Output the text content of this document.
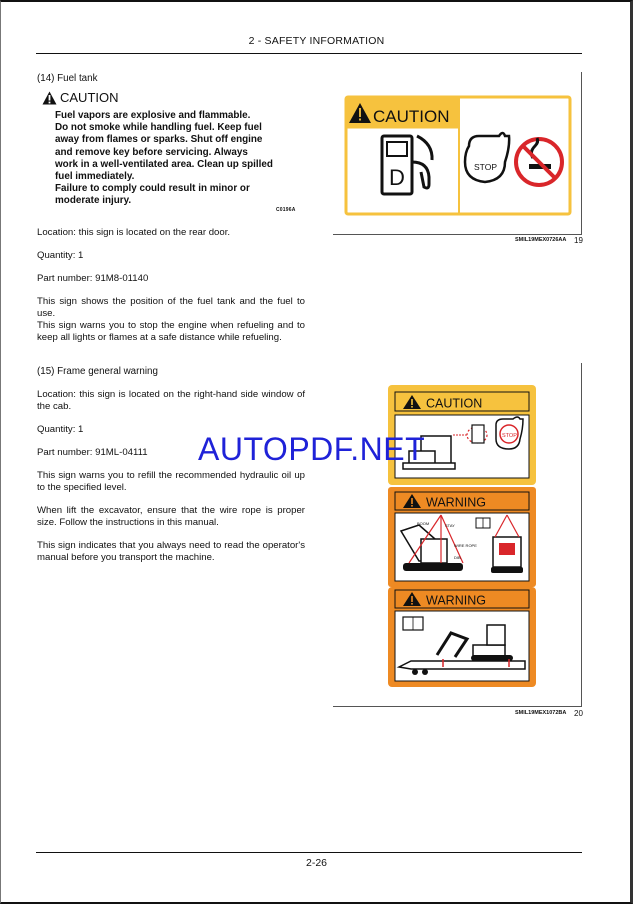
2 - SAFETY INFORMATION
(14) Fuel tank
CAUTION
Fuel vapors are explosive and flammable.
Do not smoke while handling fuel. Keep fuel
away from flames or sparks. Shut off engine
and remove key before servicing. Always
work in a well-ventilated area. Clean up spilled
fuel immediately.
Failure to comply could result in minor or
moderate injury.
C0196A
Location: this sign is located on the rear door.
Quantity: 1
Part number: 91M8-01140
This sign shows the position of the fuel tank and the fuel to use.
This sign warns you to stop the engine when refueling and to keep all lights or flames at a safe distance while refueling.
CAUTION
D	STOP
SMIL19MEX0726AA 19
(15) Frame general warning
Location: this sign is located on the right-hand side window of the cab.
Quantity: 1
Part number: 91ML-04111
This sign warns you to refill the recommended hydraulic oil up to the specified level.
When lift the excavator, ensure that the wire rope is proper size. Follow the instructions in this manual.
This sign indicates that you always need to read the operator's manual before you transport the machine.
CAUTION
STOP
WARNING
BOOM	STAY
WIRE ROPE
DIB
WARNING
SMIL19MEX1072BA 20
AUTOPDF.NET
2-26
